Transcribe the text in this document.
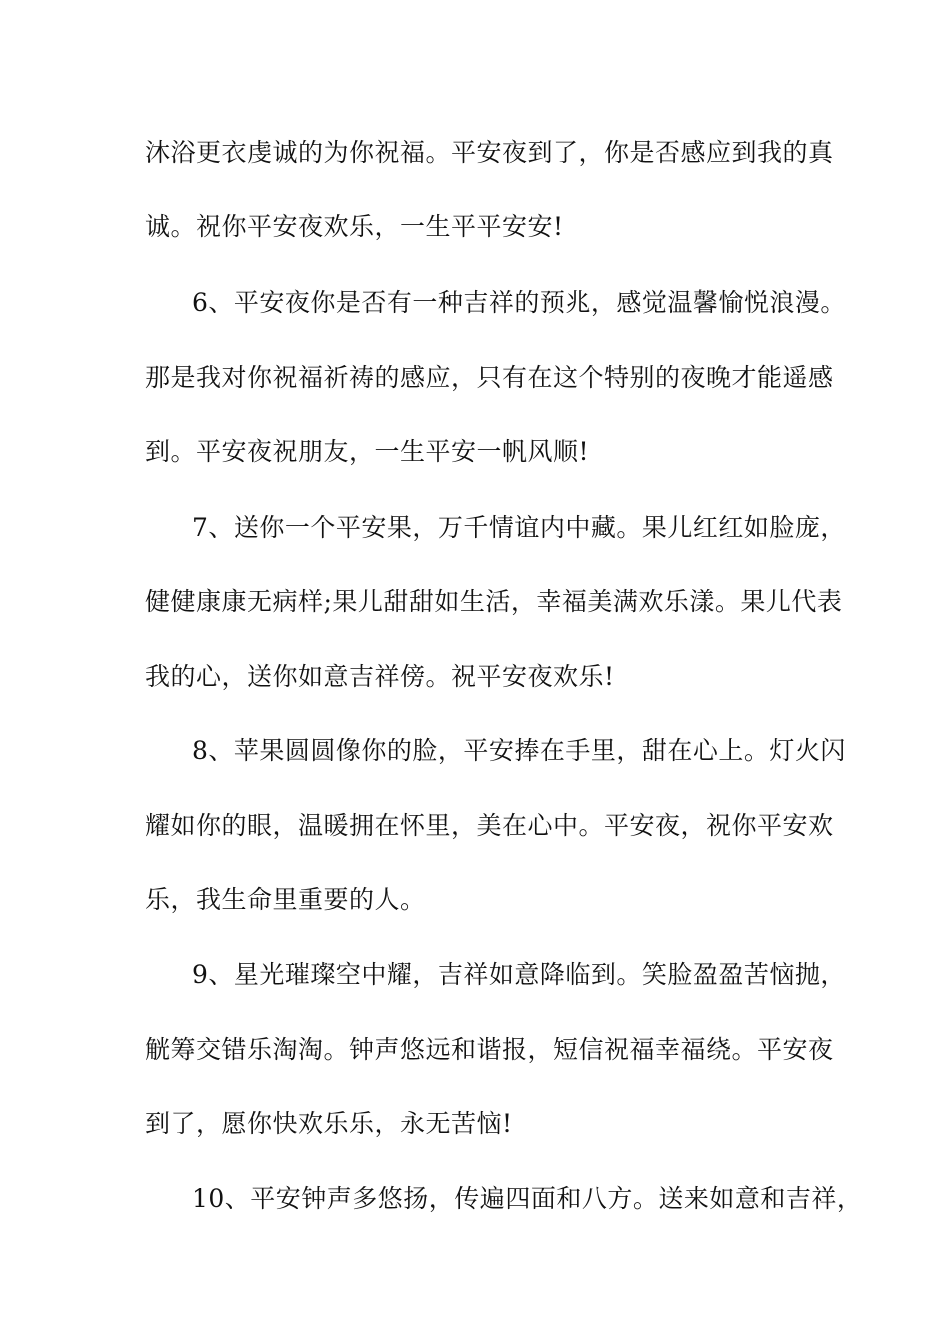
沐浴更衣虔诚的为你祝福。平安夜到了，你是否感应到我的真
诚。祝你平安夜欢乐，一生平平安安!
6、平安夜你是否有一种吉祥的预兆，感觉温馨愉悦浪漫。
那是我对你祝福祈祷的感应，只有在这个特别的夜晚才能遥感
到。平安夜祝朋友，一生平安一帆风顺!
7、送你一个平安果，万千情谊内中藏。果儿红红如脸庞，
健健康康无病样;果儿甜甜如生活，幸福美满欢乐漾。果儿代表
我的心，送你如意吉祥傍。祝平安夜欢乐!
8、苹果圆圆像你的脸，平安捧在手里，甜在心上。灯火闪
耀如你的眼，温暖拥在怀里，美在心中。平安夜，祝你平安欢
乐，我生命里重要的人。
9、星光璀璨空中耀，吉祥如意降临到。笑脸盈盈苦恼抛，
觥筹交错乐淘淘。钟声悠远和谐报，短信祝福幸福绕。平安夜
到了，愿你快欢乐乐，永无苦恼!
10、平安钟声多悠扬，传遍四面和八方。送来如意和吉祥，
